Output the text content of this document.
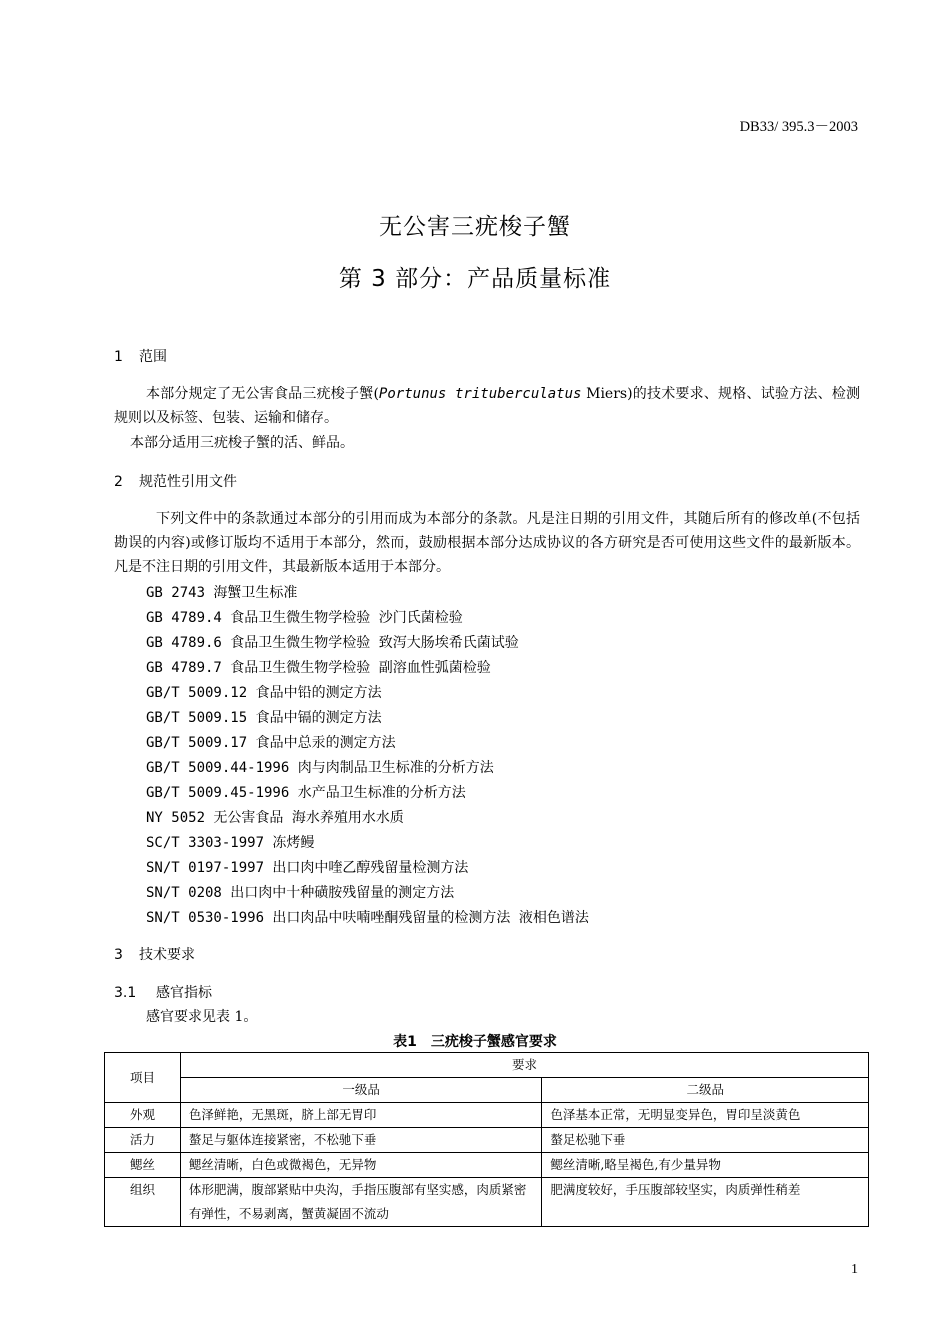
DB33/ 395.3－2003
无公害三疣梭子蟹
第 3 部分：产品质量标准
1 范围
本部分规定了无公害食品三疣梭子蟹(Portunus trituberculatus Miers)的技术要求、规格、试验方法、检测规则以及标签、包装、运输和储存。
本部分适用三疣梭子蟹的活、鲜品。
2 规范性引用文件
下列文件中的条款通过本部分的引用而成为本部分的条款。凡是注日期的引用文件，其随后所有的修改单(不包括勘误的内容)或修订版均不适用于本部分，然而，鼓励根据本部分达成协议的各方研究是否可使用这些文件的最新版本。凡是不注日期的引用文件，其最新版本适用于本部分。
GB 2743 海蟹卫生标准
GB 4789.4 食品卫生微生物学检验 沙门氏菌检验
GB 4789.6 食品卫生微生物学检验 致泻大肠埃希氏菌试验
GB 4789.7 食品卫生微生物学检验 副溶血性弧菌检验
GB/T 5009.12 食品中铅的测定方法
GB/T 5009.15 食品中镉的测定方法
GB/T 5009.17 食品中总汞的测定方法
GB/T 5009.44-1996 肉与肉制品卫生标准的分析方法
GB/T 5009.45-1996 水产品卫生标准的分析方法
NY 5052 无公害食品 海水养殖用水水质
SC/T 3303-1997 冻烤鳗
SN/T 0197-1997 出口肉中喹乙醇残留量检测方法
SN/T 0208 出口肉中十种磺胺残留量的测定方法
SN/T 0530-1996 出口肉品中呋喃唑酮残留量的检测方法 液相色谱法
3 技术要求
3.1 感官指标
感官要求见表 1。
表1　三疣梭子蟹感官要求
项目	要求	
	一级品	二级品
外观	色泽鲜艳，无黑斑，脐上部无胃印	色泽基本正常，无明显变异色，胃印呈淡黄色
活力	螯足与躯体连接紧密，不松驰下垂	螯足松驰下垂
鳃丝	鳃丝清晰，白色或微褐色，无异物	鳃丝清晰,略呈褐色,有少量异物
组织	体形肥满，腹部紧贴中央沟，手指压腹部有坚实感，肉质紧密有弹性，不易剥离，蟹黄凝固不流动	肥满度较好，手压腹部较坚实，肉质弹性稍差
1
